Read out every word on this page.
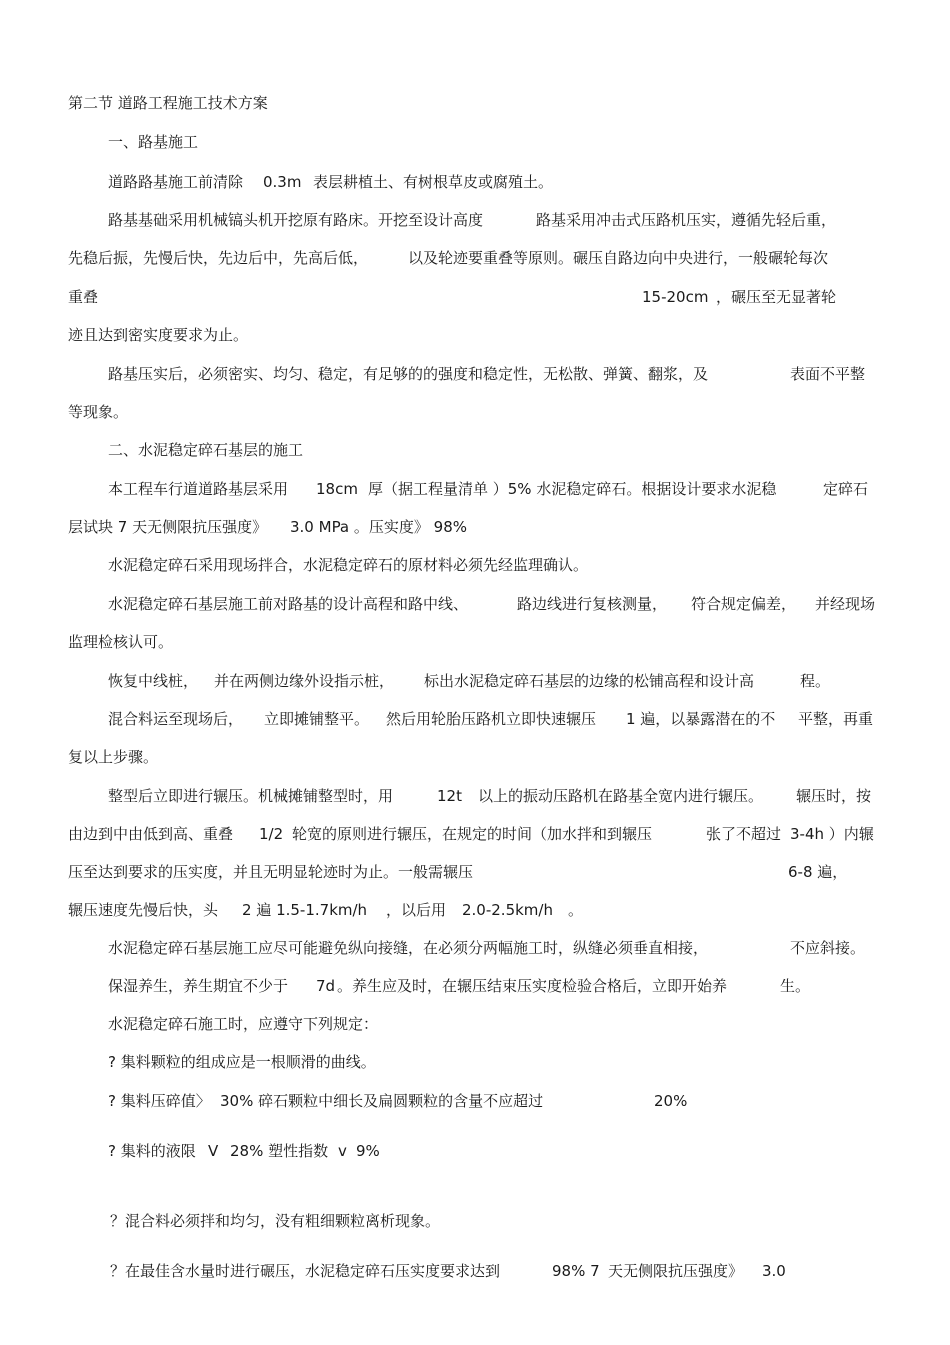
第二节 道路工程施工技术方案
一、路基施工
道路路基施工前清除 0.3m 表层耕植土、有树根草皮或腐殖土。
路基基础采用机械镐头机开挖原有路床。开挖至设计高度	路基采用冲击式压路机压实，遵循先轻后重，
先稳后振，先慢后快，先边后中，先高后低，	以及轮迹要重叠等原则。碾压自路边向中央进行，一般碾轮每次
重叠	15-20cm ，碾压至无显著轮
迹且达到密实度要求为止。
路基压实后，必须密实、均匀、稳定，有足够的的强度和稳定性，无松散、弹簧、翻浆，及	表面不平整
等现象。
二、水泥稳定碎石基层的施工
本工程车行道道路基层采用 18cm 厚（据工程量清单 ）5% 水泥稳定碎石。根据设计要求水泥稳	定碎石
层试块 7 天无侧限抗压强度》 3.0 MPa 。压实度》 98%
水泥稳定碎石采用现场拌合，水泥稳定碎石的原材料必须先经监理确认。
水泥稳定碎石基层施工前对路基的设计高程和路中线、	路边线进行复核测量， 符合规定偏差， 并经现场
监理检核认可。
恢复中线桩， 并在两侧边缘外设指示桩， 标出水泥稳定碎石基层的边缘的松铺高程和设计高	程。
混合料运至现场后， 立即摊铺整平。 然后用轮胎压路机立即快速辗压 1 遍，以暴露潜在的不 平整，再重
复以上步骤。
整型后立即进行辗压。机械摊铺整型时，用	12t 以上的振动压路机在路基全宽内进行辗压。 辗压时，按
由边到中由低到高、重叠 1/2 轮宽的原则进行辗压，在规定的时间（加水拌和到辗压	张了不超过 3-4h ）内辗
压至达到要求的压实度，并且无明显轮迹时为止。一般需辗压	6-8 遍，
辗压速度先慢后快，头 2 遍 1.5-1.7km/h ，以后用 2.0-2.5km/h 。
水泥稳定碎石基层施工应尽可能避免纵向接缝，在必须分两幅施工时，纵缝必须垂直相接，	不应斜接。
保湿养生，养生期宜不少于 7d 。养生应及时，在辗压结束压实度检验合格后，立即开始养	生。
水泥稳定碎石施工时，应遵守下列规定：
? 集料颗粒的组成应是一根顺滑的曲线。
? 集料压碎值〉 30% 碎石颗粒中细长及扁圆颗粒的含量不应超过	20%
? 集料的液限 V 28% 塑性指数 v 9%
？混合料必须拌和均匀，没有粗细颗粒离析现象。
？在最佳含水量时进行碾压，水泥稳定碎石压实度要求达到	98% 7 天无侧限抗压强度》 3.0
